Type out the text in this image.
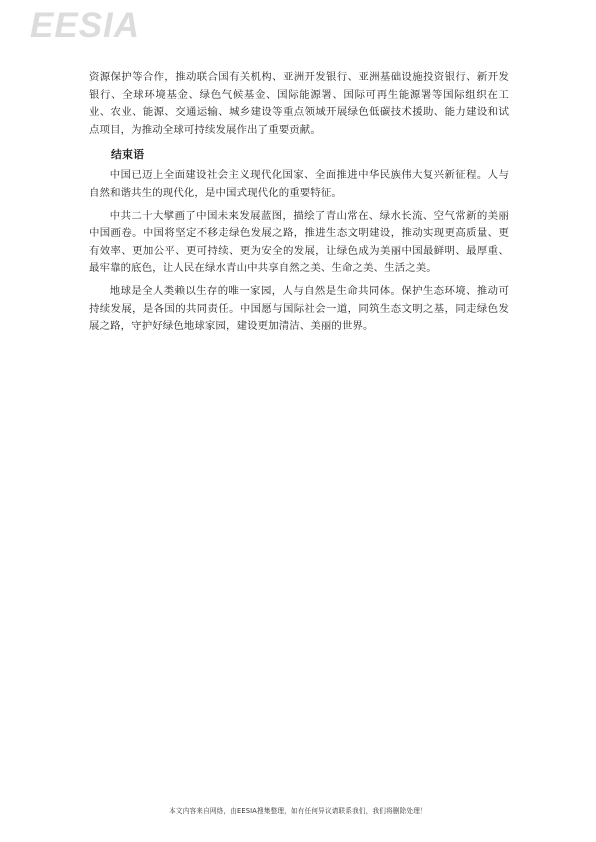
EESIA

资源保护等合作，推动联合国有关机构、亚洲开发银行、亚洲基础设施投资银行、新开发银行、全球环境基金、绿色气候基金、国际能源署、国际可再生能源署等国际组织在工业、农业、能源、交通运输、城乡建设等重点领域开展绿色低碳技术援助、能力建设和试点项目，为推动全球可持续发展作出了重要贡献。

结束语

中国已迈上全面建设社会主义现代化国家、全面推进中华民族伟大复兴新征程。人与自然和谐共生的现代化，是中国式现代化的重要特征。

中共二十大擘画了中国未来发展蓝图，描绘了青山常在、绿水长流、空气常新的美丽中国画卷。中国将坚定不移走绿色发展之路，推进生态文明建设，推动实现更高质量、更有效率、更加公平、更可持续、更为安全的发展，让绿色成为美丽中国最鲜明、最厚重、最牢靠的底色，让人民在绿水青山中共享自然之美、生命之美、生活之美。

地球是全人类赖以生存的唯一家园，人与自然是生命共同体。保护生态环境、推动可持续发展，是各国的共同责任。中国愿与国际社会一道，同筑生态文明之基，同走绿色发展之路，守护好绿色地球家园，建设更加清洁、美丽的世界。

本文内容来自网络，由EESIA搜集整理，如有任何异议请联系我们，我们将删除处理！
